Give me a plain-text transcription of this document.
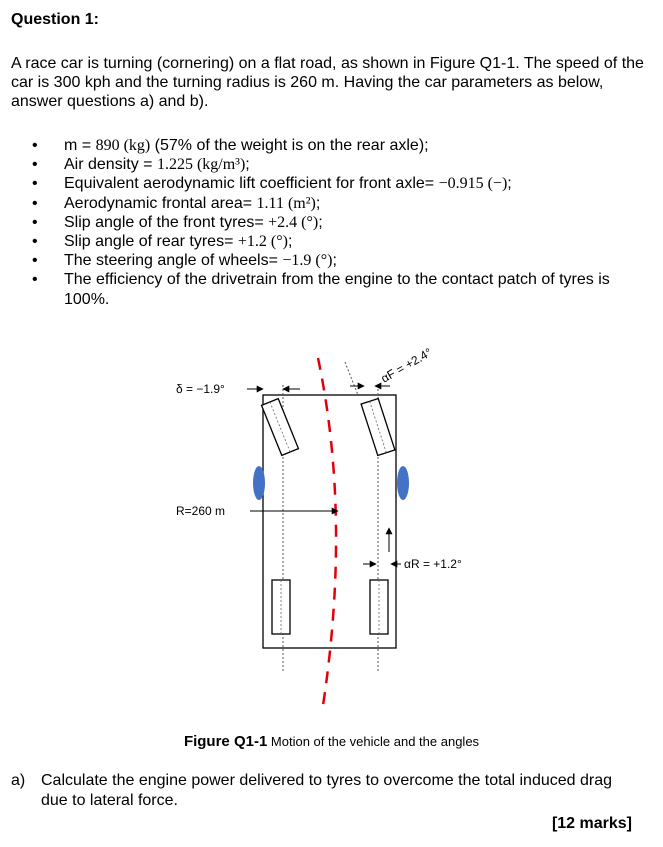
Question 1:
A race car is turning (cornering) on a flat road, as shown in Figure Q1-1. The speed of the car is 300 kph and the turning radius is 260 m. Having the car parameters as below, answer questions a) and b).
• m = 890 (kg) (57% of the weight is on the rear axle);
• Air density = 1.225 (kg/m³);
• Equivalent aerodynamic lift coefficient for front axle= −0.915 (−);
• Aerodynamic frontal area= 1.11 (m²);
• Slip angle of the front tyres= +2.4 (°);
• Slip angle of rear tyres= +1.2 (°);
• The steering angle of wheels= −1.9 (°);
• The efficiency of the drivetrain from the engine to the contact patch of tyres is 100%.
δ = −1.9°
αF = +2.4°
R=260 m
αR = +1.2°
Figure Q1-1 Motion of the vehicle and the angles
a) Calculate the engine power delivered to tyres to overcome the total induced drag due to lateral force.
[12 marks]
